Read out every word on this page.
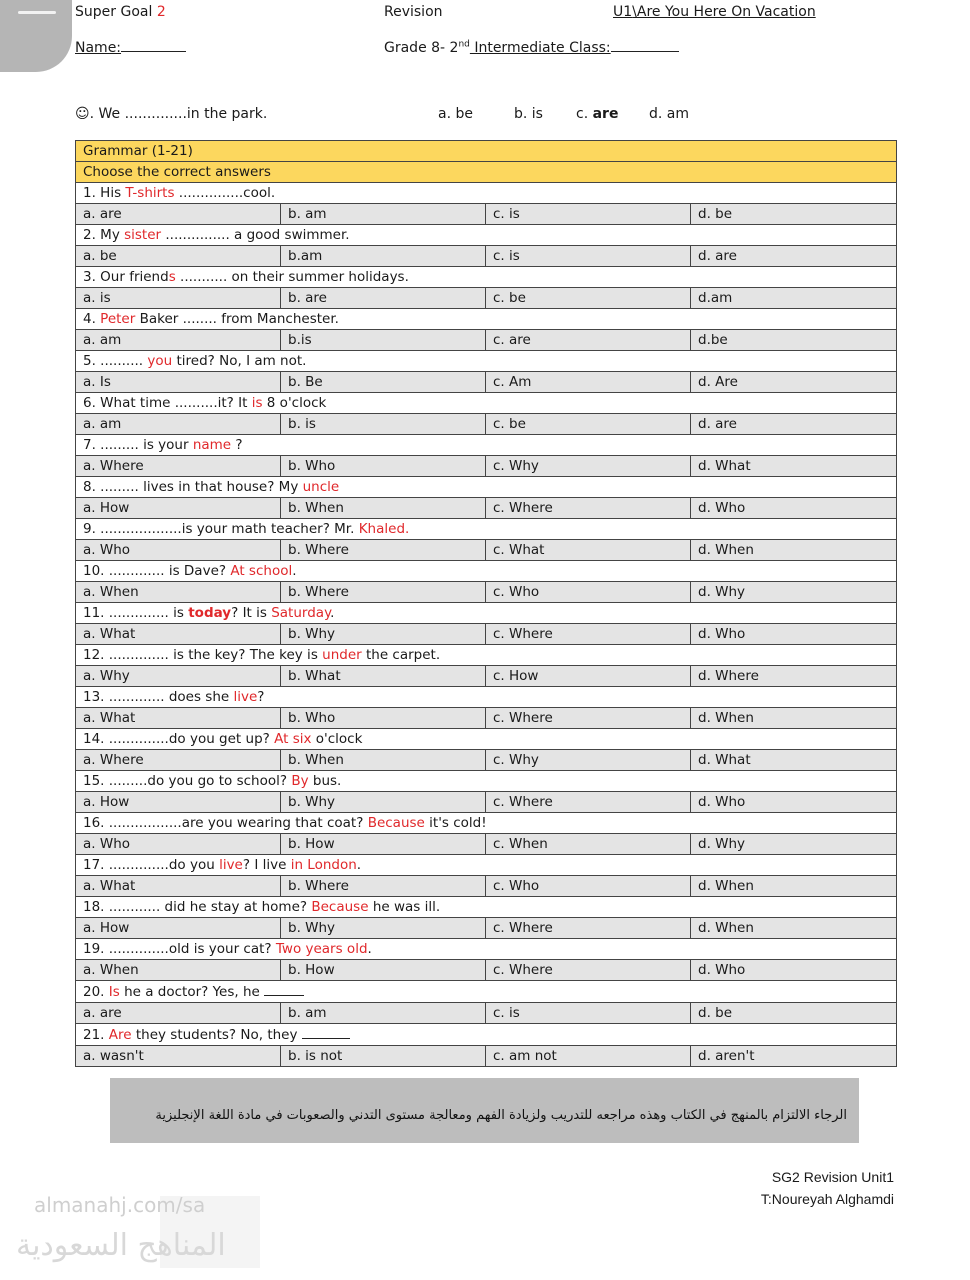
Super Goal 2	Revision	U1\Are You Here On Vacation
Name:	Grade 8- 2nd Intermediate Class:
☺. We ..............in the park.	a. be	b. is c. are d. am
Grammar (1-21)			
Choose the correct answers			
1. His T-shirts ...............cool.			
a. are	b. am	c. is	d. be
2. My sister ............... a good swimmer.			
a. be	b.am	c. is	d. are
3. Our friends ........... on their summer holidays.			
a. is	b. are	c. be	d.am
4. Peter Baker ........ from Manchester.			
a. am	b.is	c. are	d.be
5. .......... you tired? No, I am not.			
a. Is	b. Be	c. Am	d. Are
6. What time ..........it? It is 8 o'clock			
a. am	b. is	c. be	d. are
7. ......... is your name ?			
a. Where	b. Who	c. Why	d. What
8. ......... lives in that house? My uncle			
a. How	b. When	c. Where	d. Who
9. ...................is your math teacher? Mr. Khaled.			
a. Who	b. Where	c. What	d. When
10. ............. is Dave? At school.			
a. When	b. Where	c. Who	d. Why
11. .............. is today? It is Saturday.			
a. What	b. Why	c. Where	d. Who
12. .............. is the key? The key is under the carpet.			
a. Why	b. What	c. How	d. Where
13. ............. does she live?			
a. What	b. Who	c. Where	d. When
14. ..............do you get up? At six o'clock			
a. Where	b. When	c. Why	d. What
15. .........do you go to school? By bus.			
a. How	b. Why	c. Where	d. Who
16. .................are you wearing that coat? Because it's cold!			
a. Who	b. How	c. When	d. Why
17. ..............do you live? I live in London.			
a. What	b. Where	c. Who	d. When
18. ............ did he stay at home? Because he was ill.			
a. How	b. Why	c. Where	d. When
19. ..............old is your cat? Two years old.			
a. When	b. How	c. Where	d. Who
20. Is he a doctor? Yes, he			
a. are	b. am	c. is	d. be
21. Are they students? No, they			
a. wasn't	b. is not	c. am not	d. aren't
الرجاء الالتزام بالمنهج في الكتاب وهذه مراجعه للتدريب ولزيادة الفهم ومعالجة مستوى التدني والصعوبات في مادة اللغة الإنجليزية
SG2 Revision Unit1
T:Noureyah Alghamdi
almanahj.com/sa
المناهج السعودية
